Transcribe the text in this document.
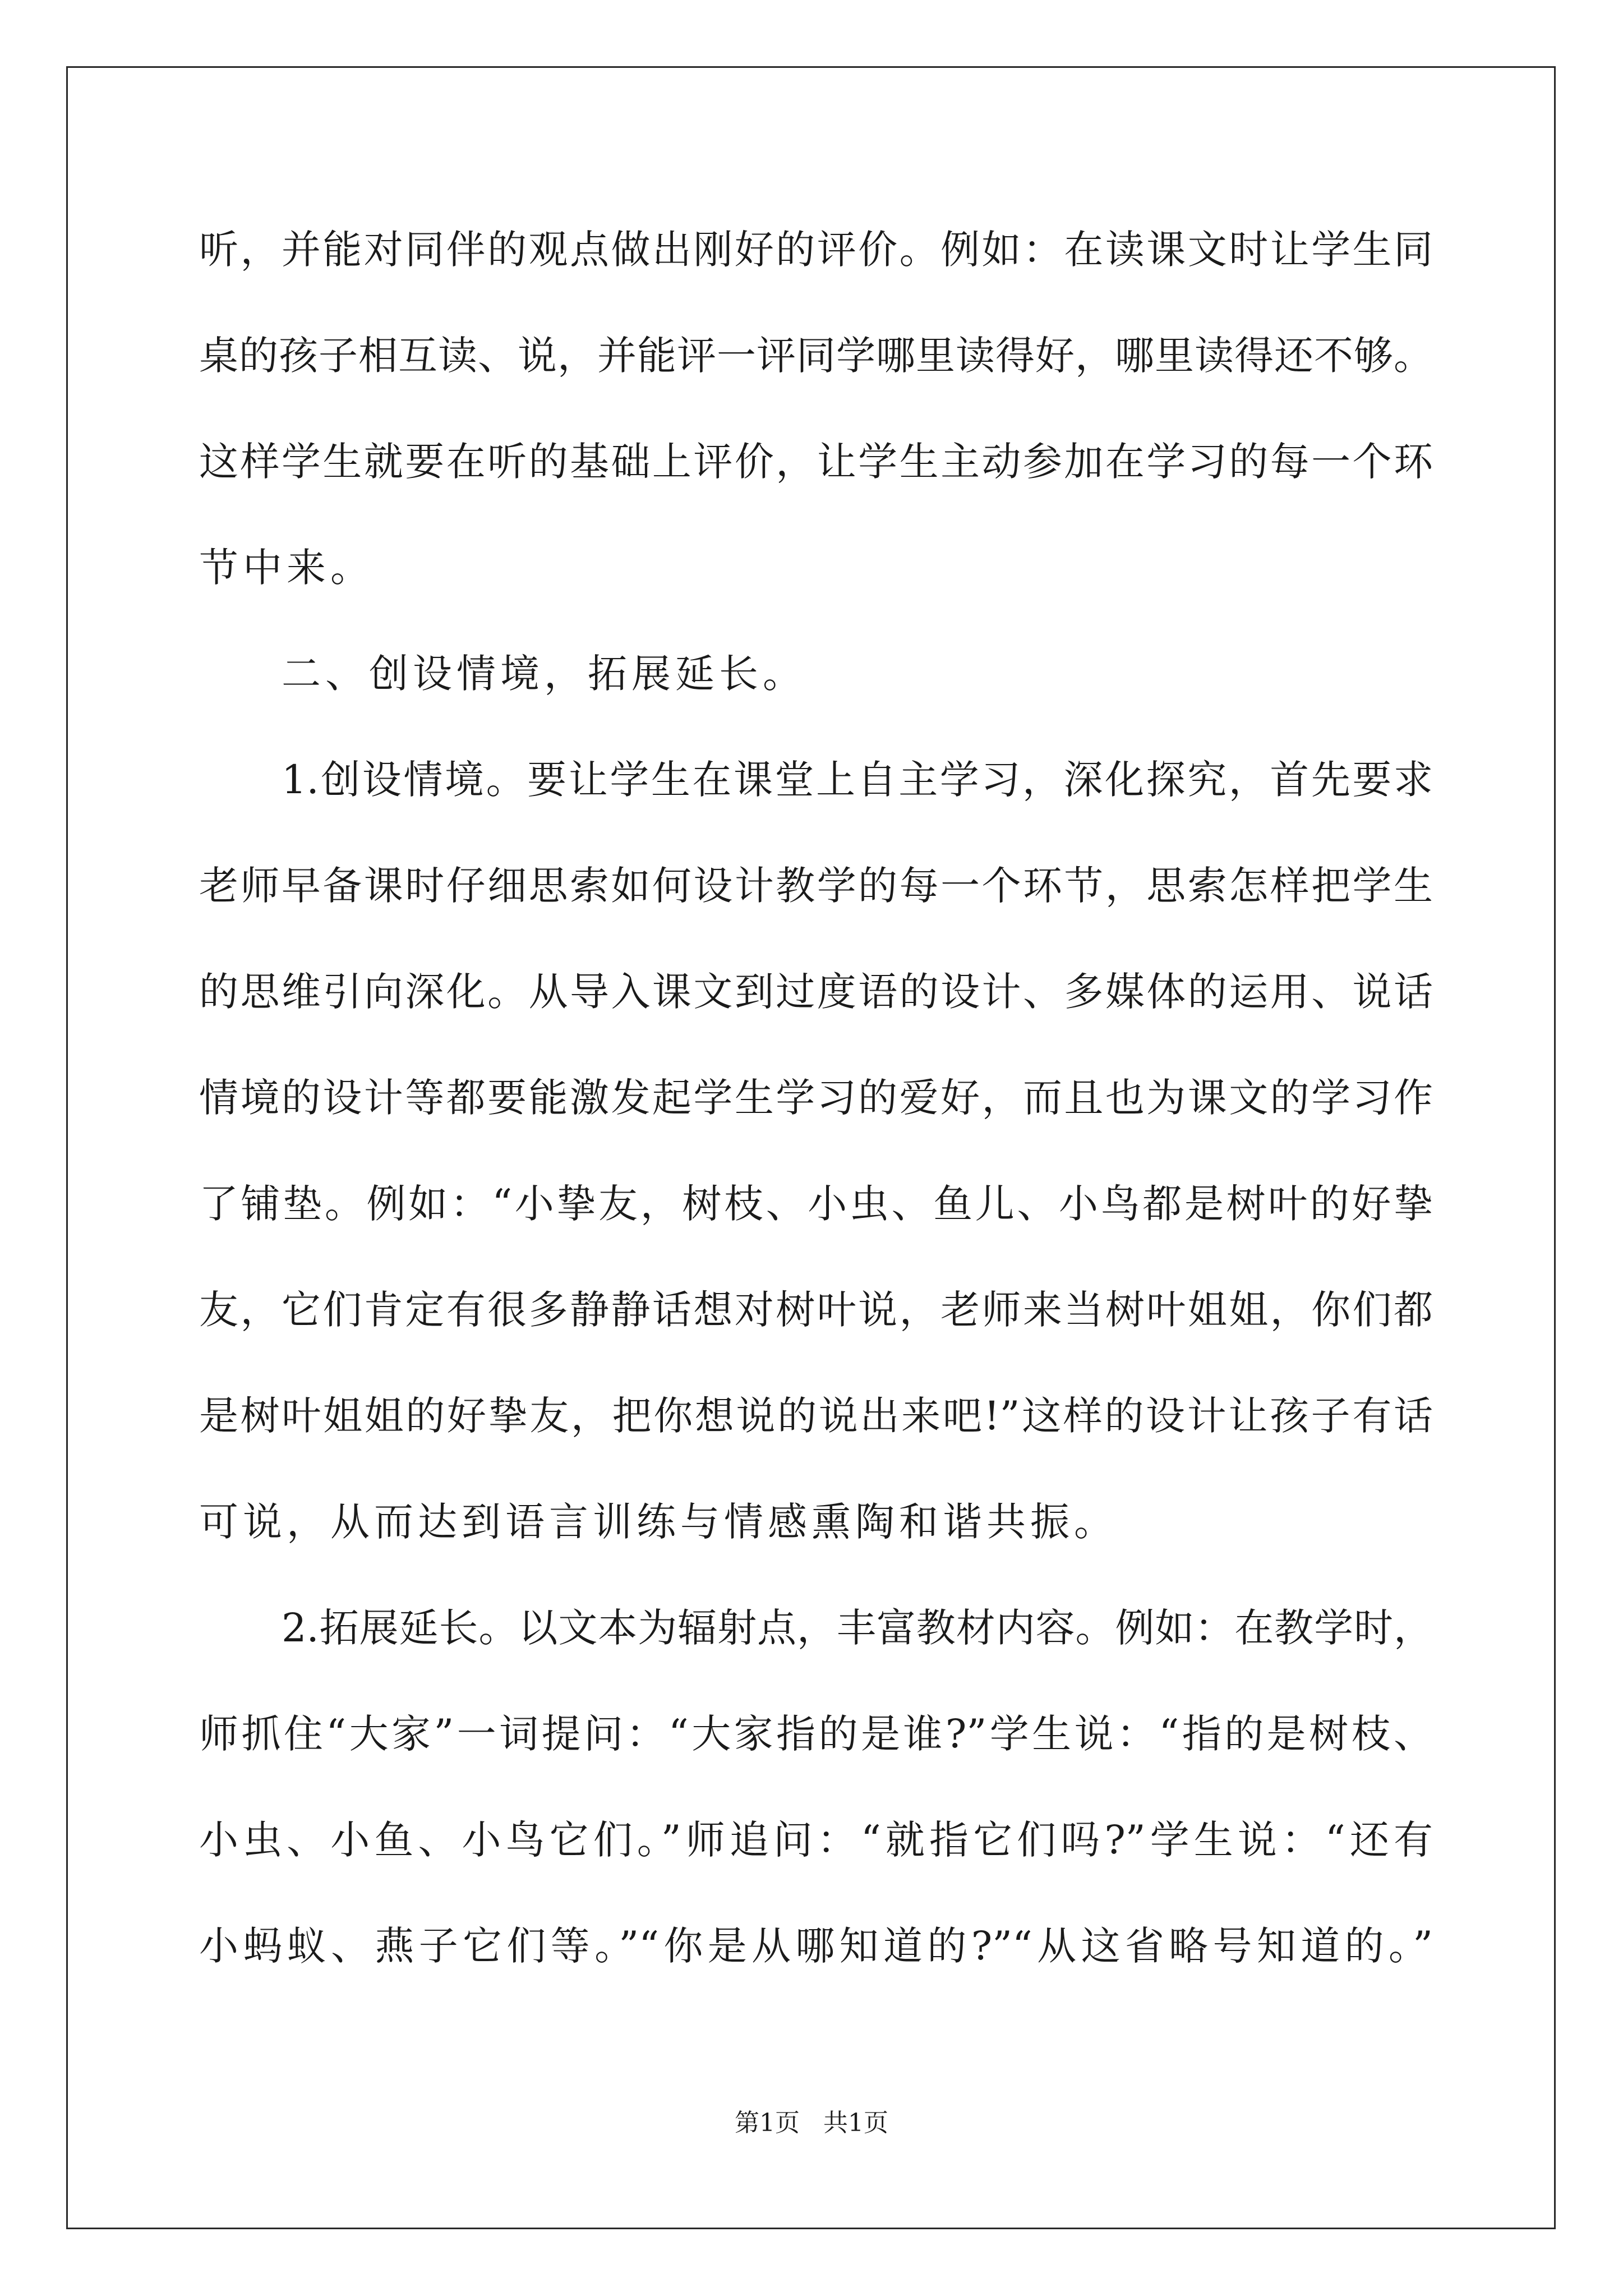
听，并能对同伴的观点做出刚好的评价。例如：在读课文时让学生同
桌的孩子相互读、说，并能评一评同学哪里读得好，哪里读得还不够。
这样学生就要在听的基础上评价，让学生主动参加在学习的每一个环
节中来。
二、创设情境，拓展延长。
1.创设情境。要让学生在课堂上自主学习，深化探究，首先要求
老师早备课时仔细思索如何设计教学的每一个环节，思索怎样把学生
的思维引向深化。从导入课文到过度语的设计、多媒体的运用、说话
情境的设计等都要能激发起学生学习的爱好，而且也为课文的学习作
了铺垫。例如：“小挚友，树枝、小虫、鱼儿、小鸟都是树叶的好挚
友，它们肯定有很多静静话想对树叶说，老师来当树叶姐姐，你们都
是树叶姐姐的好挚友，把你想说的说出来吧!”这样的设计让孩子有话
可说，从而达到语言训练与情感熏陶和谐共振。
2.拓展延长。以文本为辐射点，丰富教材内容。例如：在教学时，
师抓住“大家”一词提问：“大家指的是谁?”学生说：“指的是树枝、
小虫、小鱼、小鸟它们。”师追问：“就指它们吗?”学生说：“还有
小蚂蚁、燕子它们等。”“你是从哪知道的?”“从这省略号知道的。”
第1页 共1页
